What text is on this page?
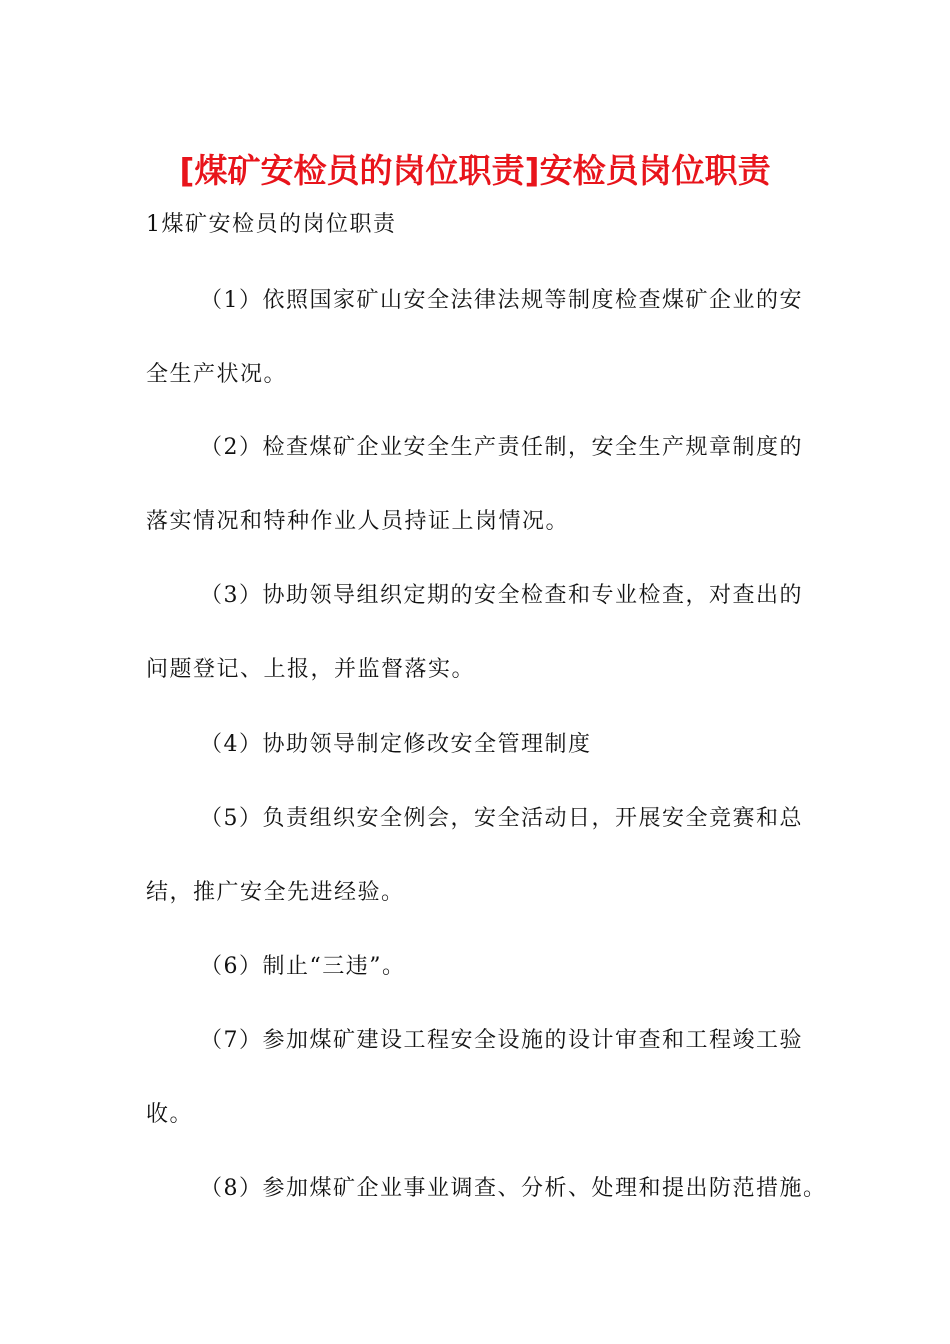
[煤矿安检员的岗位职责]安检员岗位职责
1煤矿安检员的岗位职责
（1）依照国家矿山安全法律法规等制度检查煤矿企业的安
全生产状况。
（2）检查煤矿企业安全生产责任制，安全生产规章制度的
落实情况和特种作业人员持证上岗情况。
（3）协助领导组织定期的安全检查和专业检查，对查出的
问题登记、上报，并监督落实。
（4）协助领导制定修改安全管理制度
（5）负责组织安全例会，安全活动日，开展安全竞赛和总
结，推广安全先进经验。
（6）制止“三违”。
（7）参加煤矿建设工程安全设施的设计审查和工程竣工验
收。
（8）参加煤矿企业事业调查、分析、处理和提出防范措施。
